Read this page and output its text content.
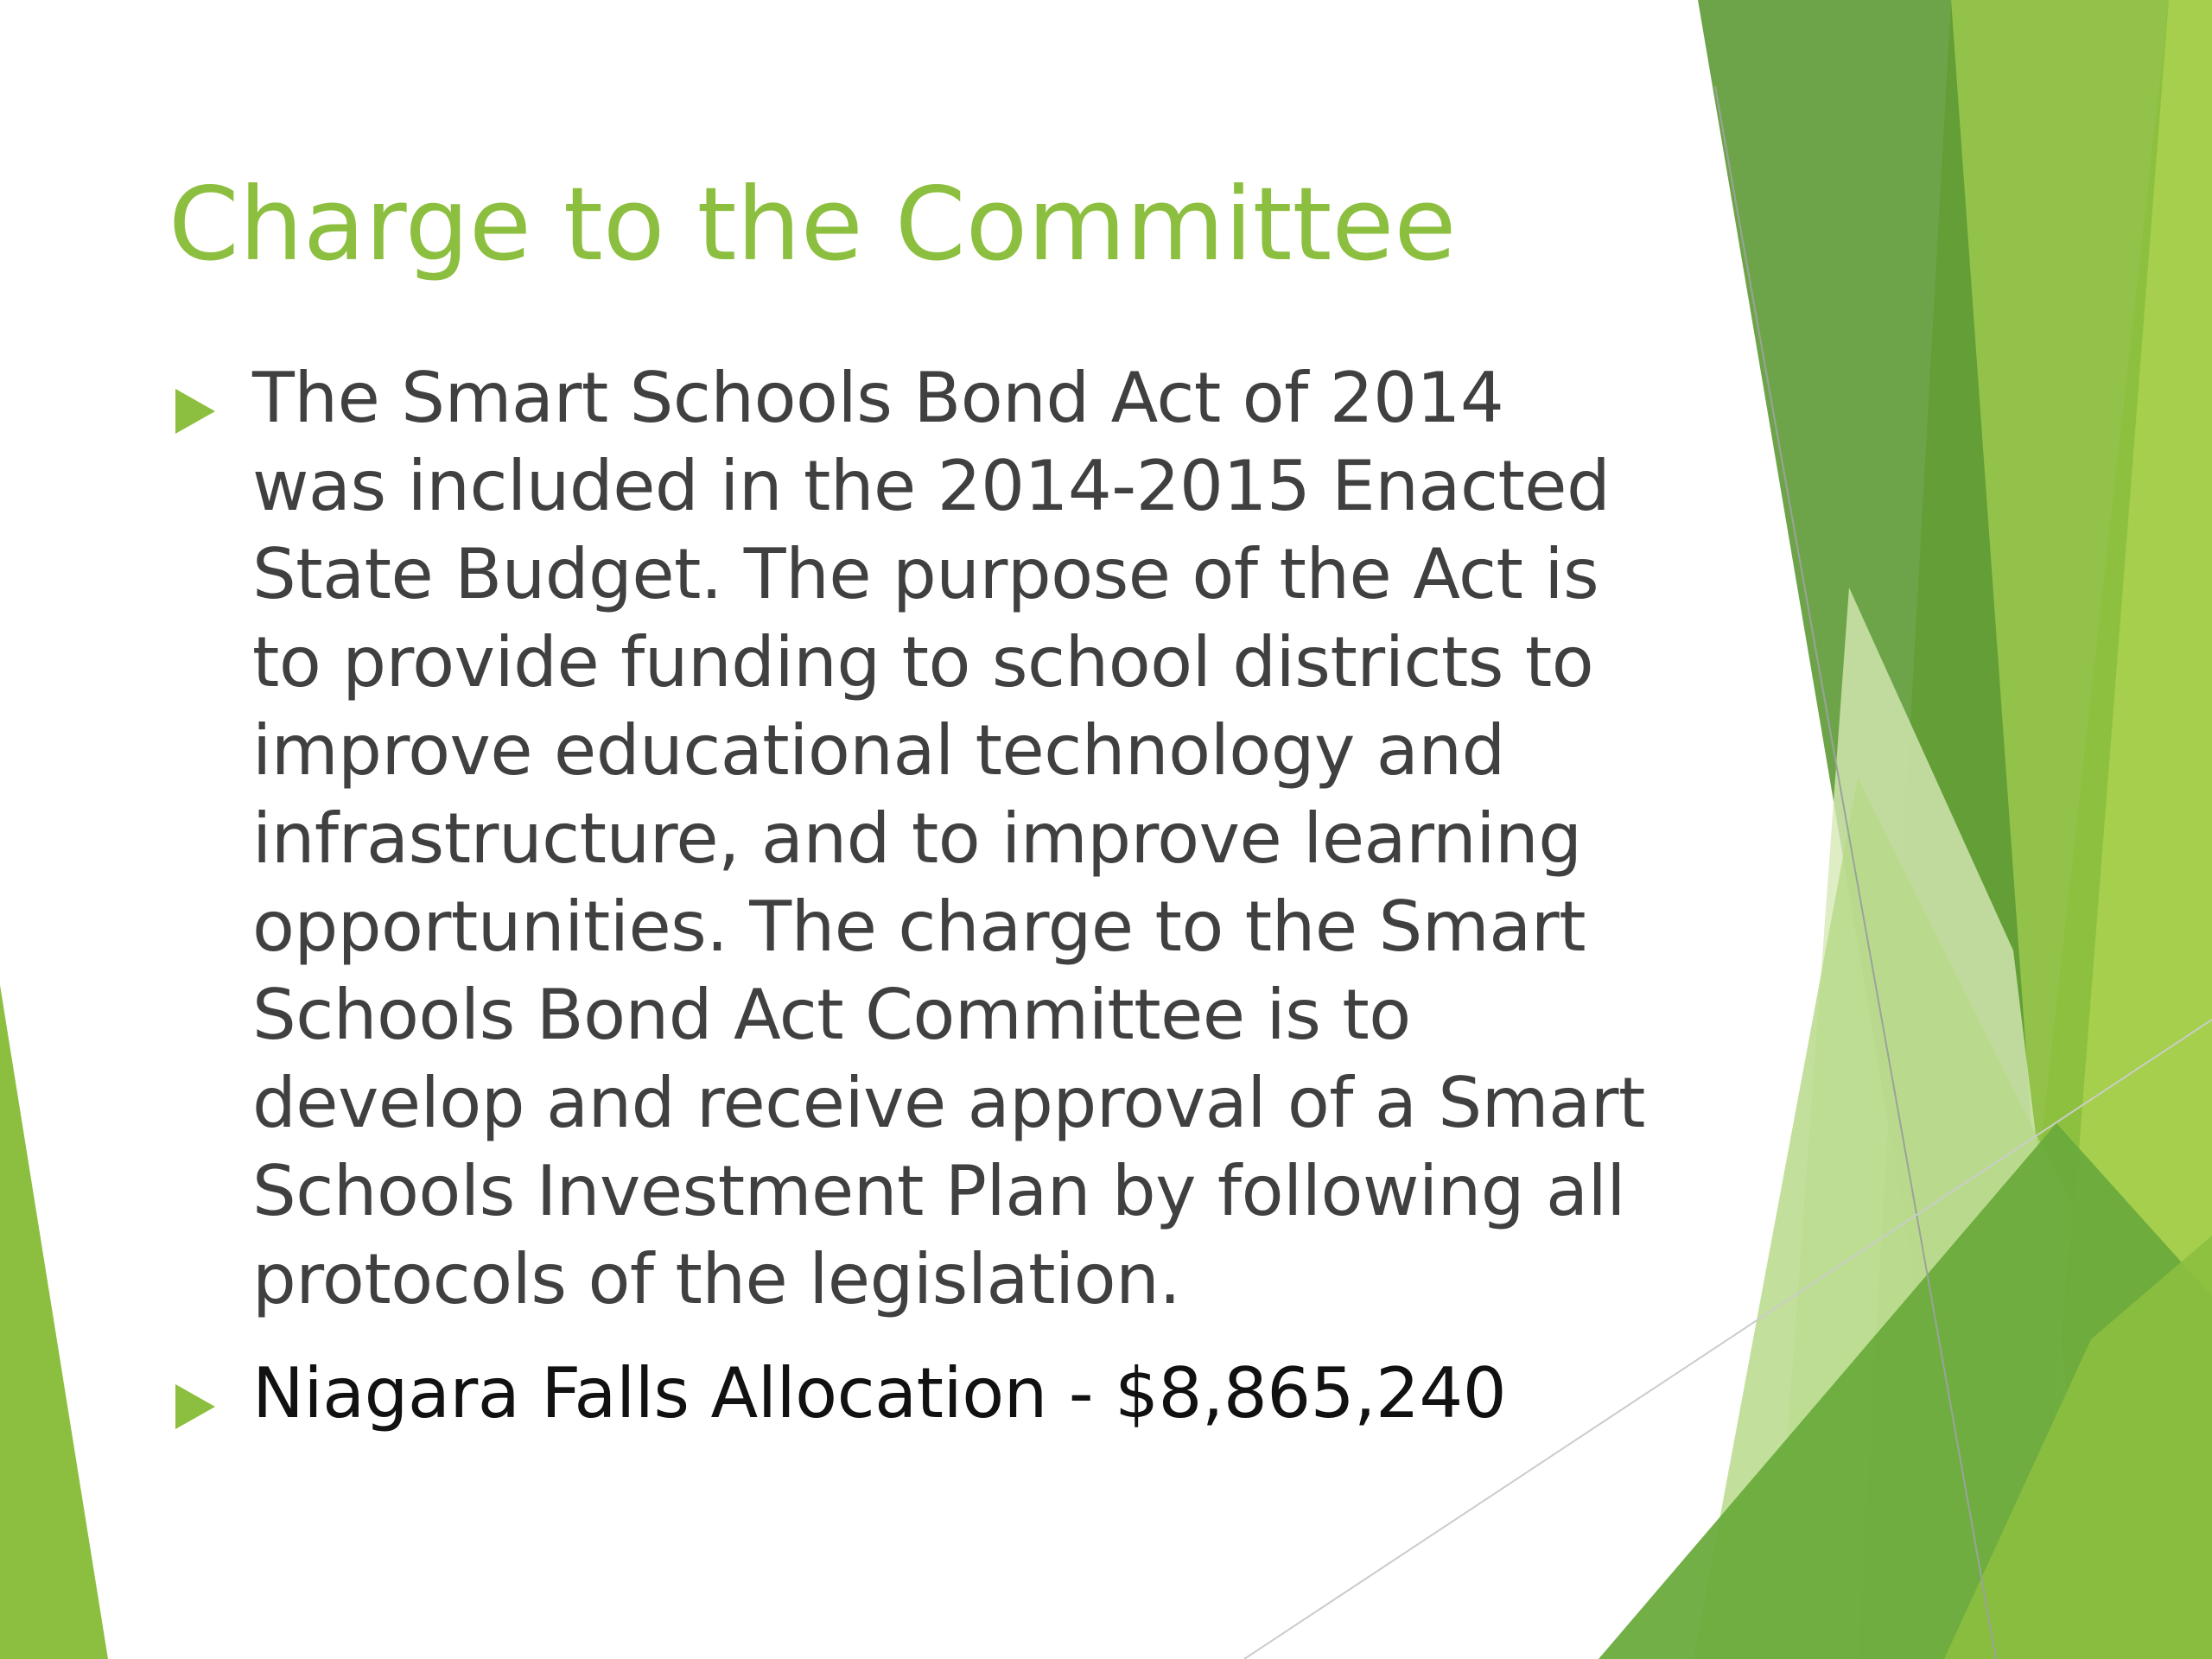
Charge to the Committee
The Smart Schools Bond Act of 2014 was included in the 2014-2015 Enacted State Budget. The purpose of the Act is to provide funding to school districts to improve educational technology and infrastructure, and to improve learning opportunities. The charge to the Smart Schools Bond Act Committee is to develop and receive approval of a Smart Schools Investment Plan by following all protocols of the legislation.
Niagara Falls Allocation - $8,865,240
